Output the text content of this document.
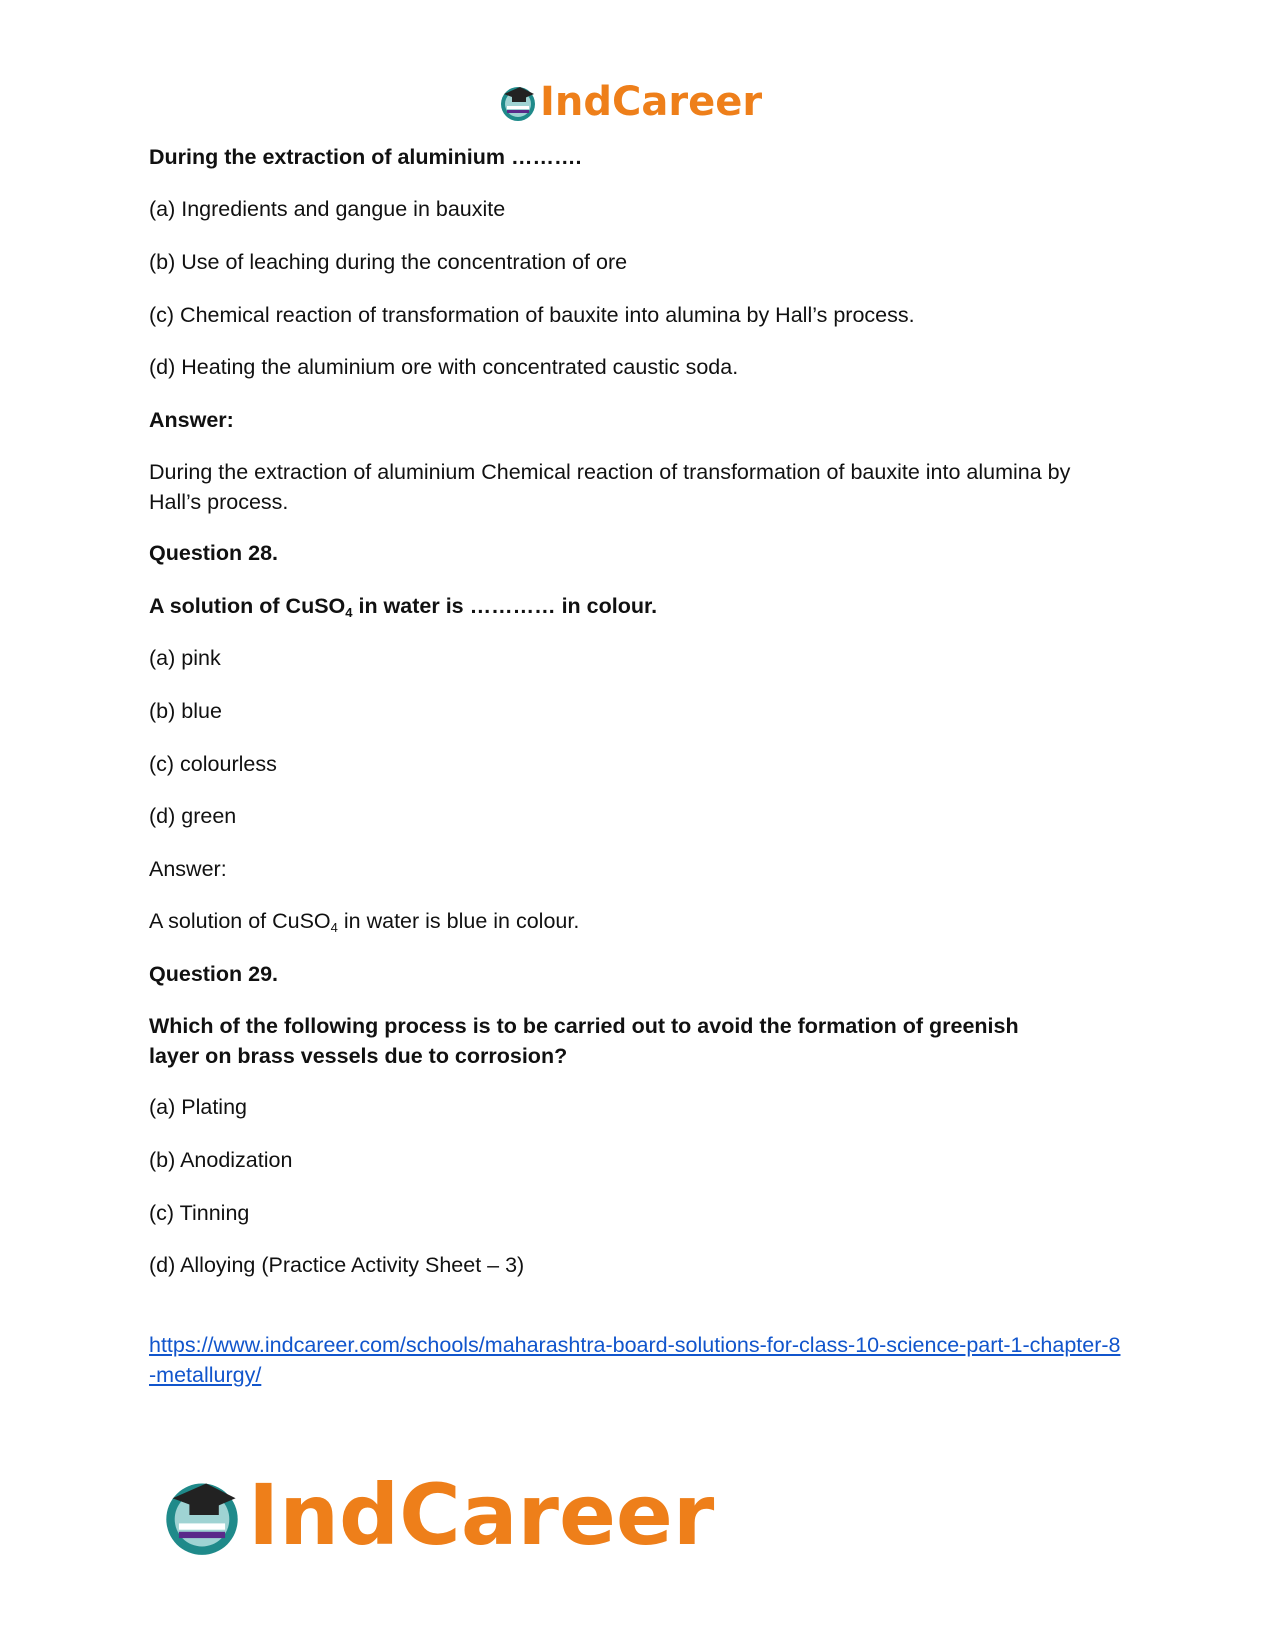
IndCareer
During the extraction of aluminium ……….
(a) Ingredients and gangue in bauxite
(b) Use of leaching during the concentration of ore
(c) Chemical reaction of transformation of bauxite into alumina by Hall’s process.
(d) Heating the aluminium ore with concentrated caustic soda.
Answer:
During the extraction of aluminium Chemical reaction of transformation of bauxite into alumina by Hall’s process.
Question 28.
A solution of CuSO$_4$ in water is ………… in colour.
(a) pink
(b) blue
(c) colourless
(d) green
Answer:
A solution of CuSO$_4$ in water is blue in colour.
Question 29.
Which of the following process is to be carried out to avoid the formation of greenish layer on brass vessels due to corrosion?
(a) Plating
(b) Anodization
(c) Tinning
(d) Alloying (Practice Activity Sheet – 3)
https://www.indcareer.com/schools/maharashtra-board-solutions-for-class-10-science-part-1-chapter-8-metallurgy/
IndCareer
